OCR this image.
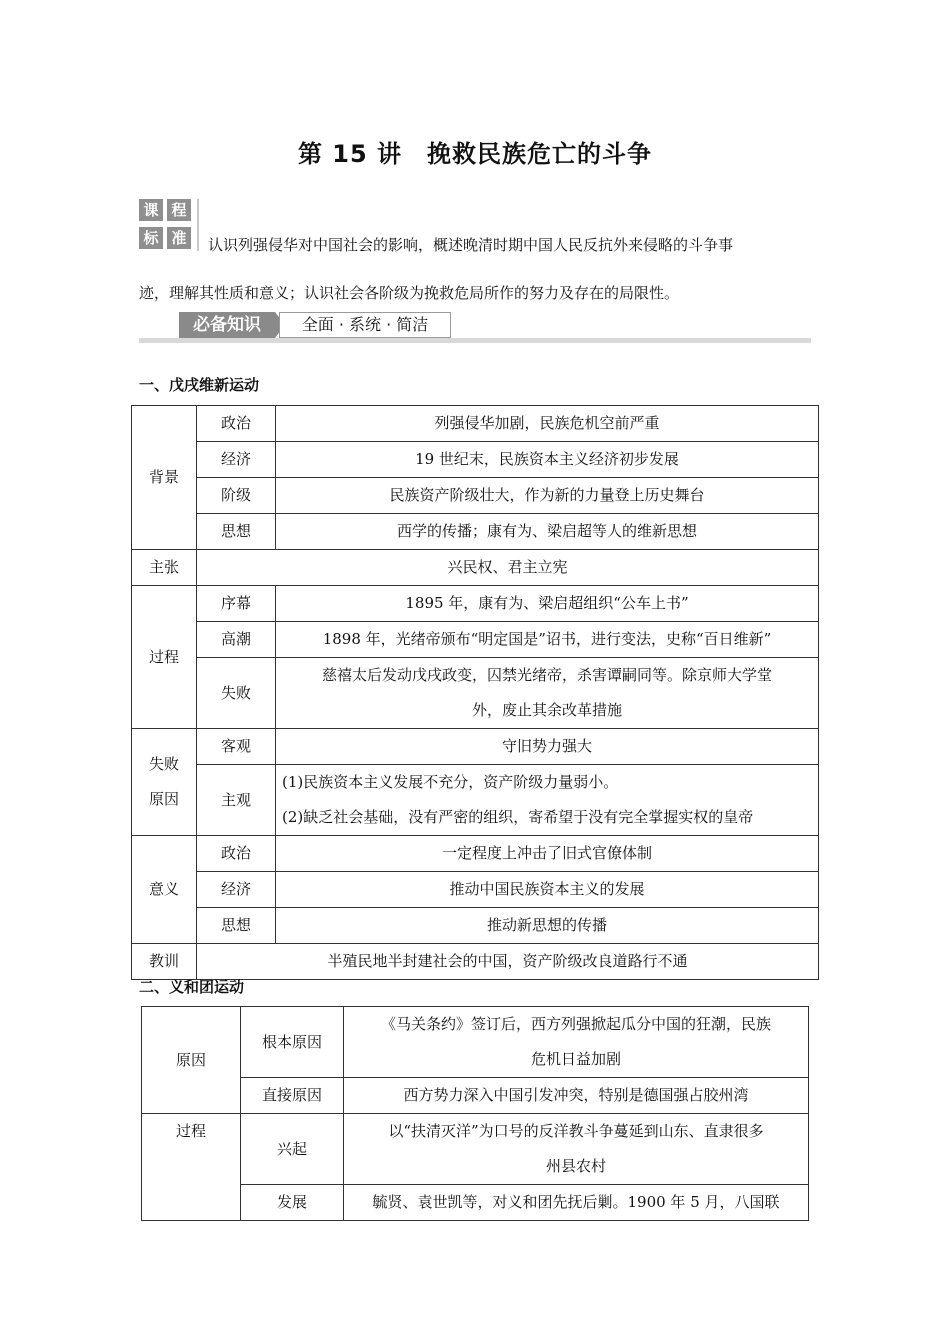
第 15 讲　挽救民族危亡的斗争
课 程
标 准	认识列强侵华对中国社会的影响，概述晚清时期中国人民反抗外来侵略的斗争事
迹，理解其性质和意义；认识社会各阶级为挽救危局所作的努力及存在的局限性。
必备知识	全面 · 系统 · 简洁
一、戊戌维新运动
背景	政治	列强侵华加剧，民族危机空前严重
	经济	19 世纪末，民族资本主义经济初步发展
	阶级	民族资产阶级壮大，作为新的力量登上历史舞台
	思想	西学的传播；康有为、梁启超等人的维新思想
主张	兴民权、君主立宪	
过程	序幕	1895 年，康有为、梁启超组织“公车上书”
	高潮	1898 年，光绪帝颁布“明定国是”诏书，进行变法，史称“百日维新”
	失败	慈禧太后发动戊戌政变，囚禁光绪帝，杀害谭嗣同等。除京师大学堂
外，废止其余改革措施

失败
原因	客观	守旧势力强大
	主观	(1)民族资本主义发展不充分，资产阶级力量弱小。
(2)缺乏社会基础，没有严密的组织，寄希望于没有完全掌握实权的皇帝

意义	政治	一定程度上冲击了旧式官僚体制
	经济	推动中国民族资本主义的发展
	思想	推动新思想的传播
教训	半殖民地半封建社会的中国，资产阶级改良道路行不通	
二、义和团运动
原因	根本原因	《马关条约》签订后，西方列强掀起瓜分中国的狂潮，民族
危机日益加剧

	直接原因	西方势力深入中国引发冲突，特别是德国强占胶州湾
过程	兴起	以“扶清灭洋”为口号的反洋教斗争蔓延到山东、直隶很多
州县农村

	发展	毓贤、袁世凯等，对义和团先抚后剿。1900 年 5 月，八国联
